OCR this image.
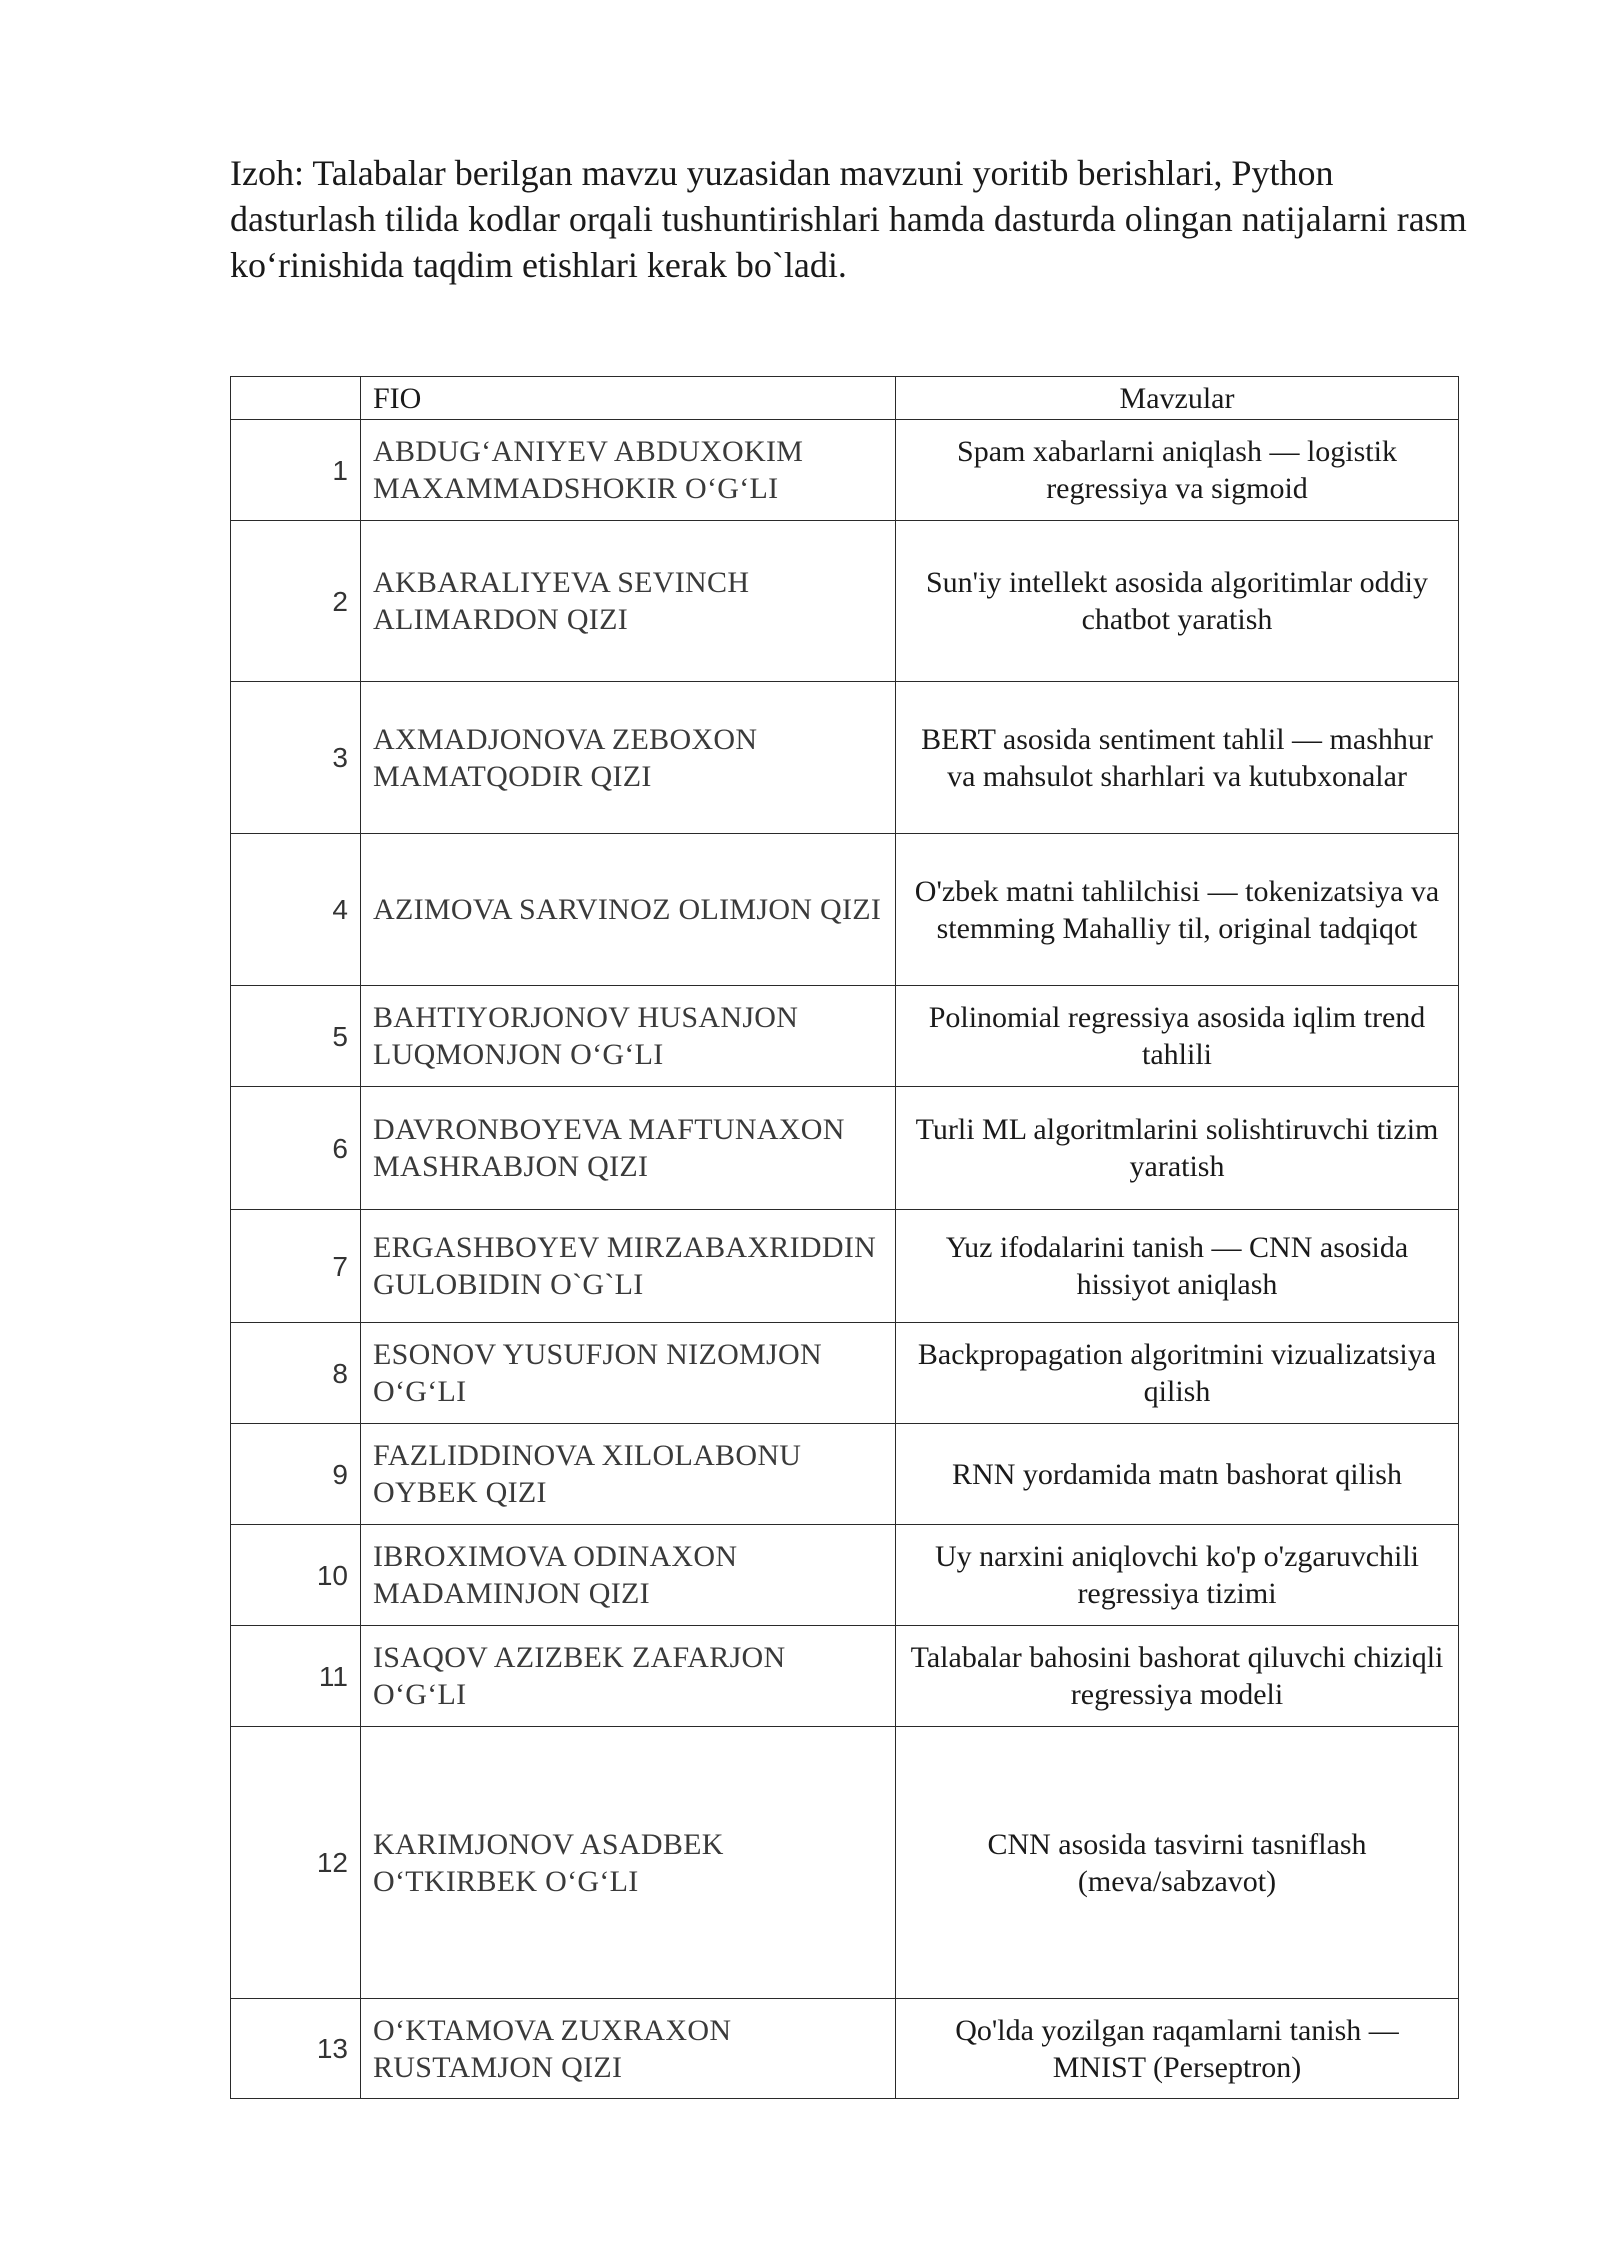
Izoh: Talabalar berilgan mavzu yuzasidan mavzuni yoritib berishlari, Python dasturlash tilida kodlar orqali tushuntirishlari hamda dasturda olingan natijalarni rasm ko‘rinishida taqdim etishlari kerak bo`ladi.

	FIO	Mavzular
1	ABDUG‘ANIYEV ABDUXOKIM MAXAMMADSHOKIR O‘G‘LI	Spam xabarlarni aniqlash — logistik regressiya va sigmoid
2	AKBARALIYEVA SEVINCH ALIMARDON QIZI	Sun'iy intellekt asosida algoritimlar oddiy chatbot yaratish
3	AXMADJONOVA ZEBOXON MAMATQODIR QIZI	BERT asosida sentiment tahlil — mashhur va mahsulot sharhlari va kutubxonalar
4	AZIMOVA SARVINOZ OLIMJON QIZI	O'zbek matni tahlilchisi — tokenizatsiya va stemming Mahalliy til, original tadqiqot
5	BAHTIYORJONOV HUSANJON LUQMONJON O‘G‘LI	Polinomial regressiya asosida iqlim trend tahlili
6	DAVRONBOYEVA MAFTUNAXON MASHRABJON QIZI	Turli ML algoritmlarini solishtiruvchi tizim yaratish
7	ERGASHBOYEV MIRZABAXRIDDIN GULOBIDIN O`G`LI	Yuz ifodalarini tanish — CNN asosida hissiyot aniqlash
8	ESONOV YUSUFJON NIZOMJON O‘G‘LI	Backpropagation algoritmini vizualizatsiya qilish
9	FAZLIDDINOVA XILOLABONU OYBEK QIZI	RNN yordamida matn bashorat qilish
10	IBROXIMOVA ODINAXON MADAMINJON QIZI	Uy narxini aniqlovchi ko'p o'zgaruvchili regressiya tizimi
11	ISAQOV AZIZBEK ZAFARJON O‘G‘LI	Talabalar bahosini bashorat qiluvchi chiziqli regressiya modeli
12	KARIMJONOV ASADBEK O‘TKIRBEK O‘G‘LI	CNN asosida tasvirni tasniflash (meva/sabzavot)
13	O‘KTAMOVA ZUXRAXON RUSTAMJON QIZI	Qo'lda yozilgan raqamlarni tanish — MNIST (Perseptron)
